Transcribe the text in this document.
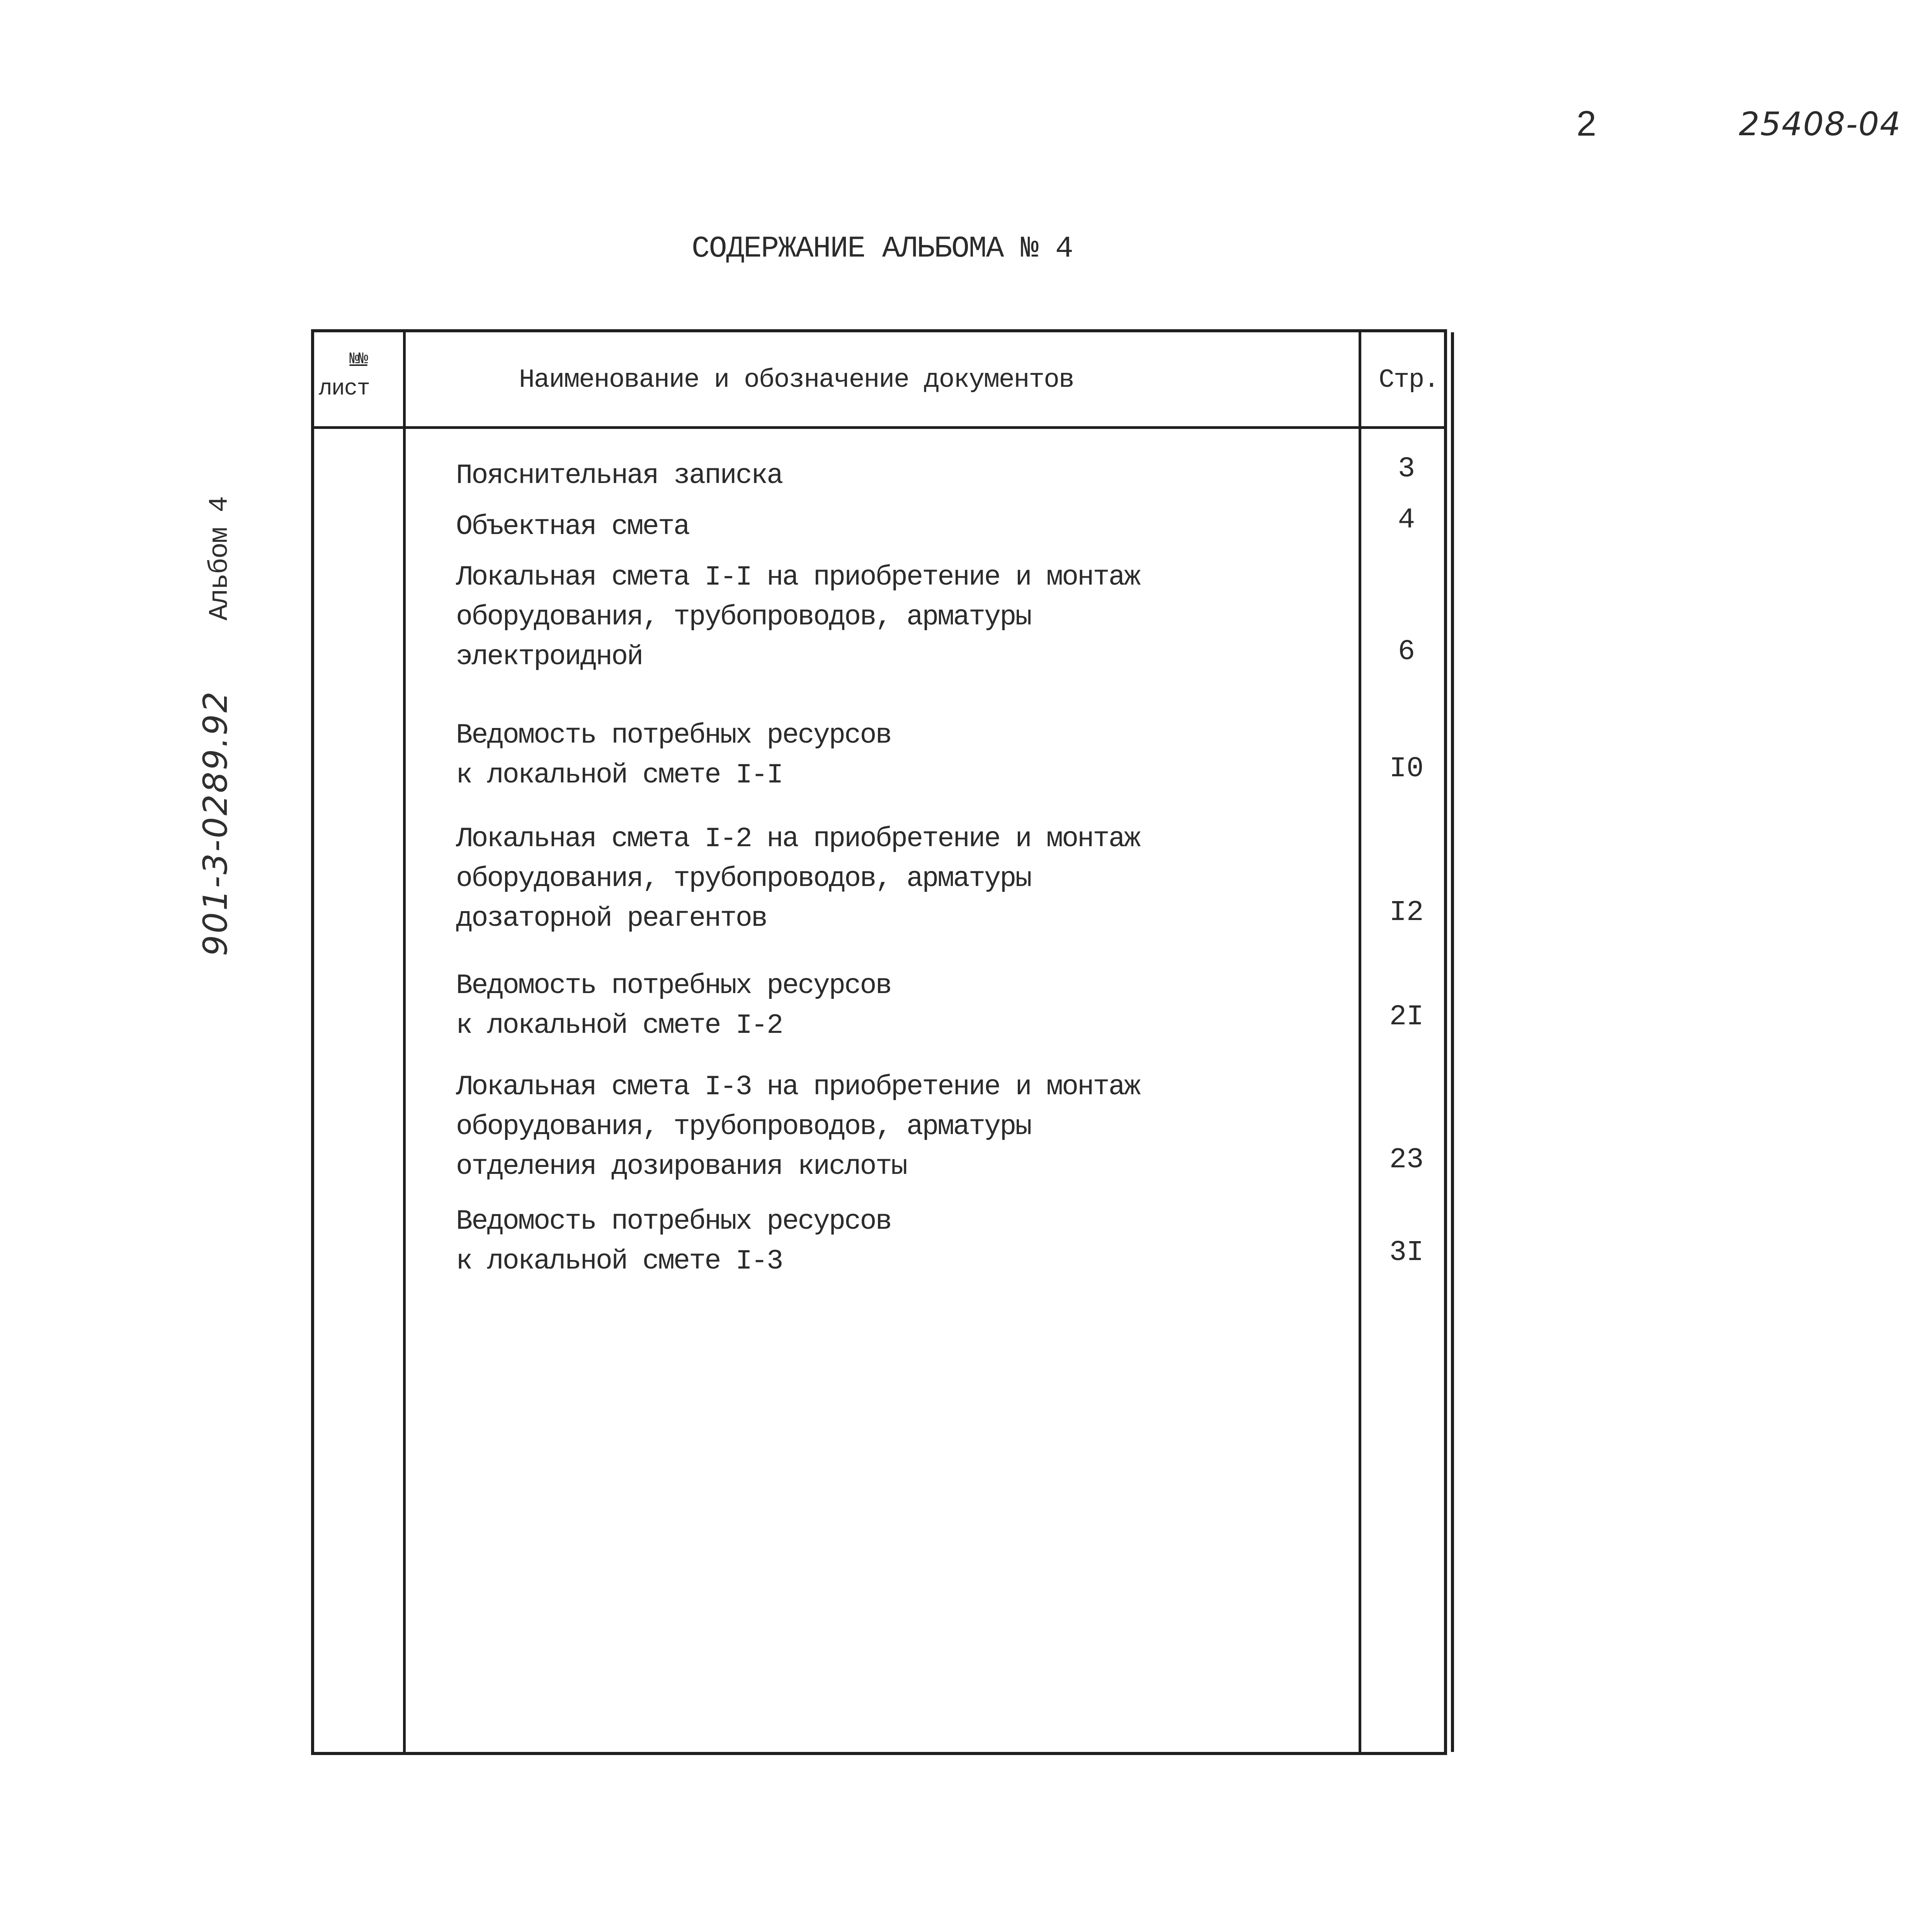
2	25408-04
901-3-0289.92Альбом 4
СОДЕРЖАНИЕ АЛЬБОМА № 4
№№
лист	Наименование и обозначение документов	Стр.
Пояснительная записка	3
Объектная смета	4
Локальная смета I-I на приобретение и монтаж
оборудования, трубопроводов, арматуры
электроидной	6
Ведомость потребных ресурсов
к локальной смете I-I	I0
Локальная смета I-2 на приобретение и монтаж
оборудования, трубопроводов, арматуры
дозаторной реагентов	I2
Ведомость потребных ресурсов
к локальной смете I-2	2I
Локальная смета I-3 на приобретение и монтаж
оборудования, трубопроводов, арматуры
отделения дозирования кислоты	23
Ведомость потребных ресурсов
к локальной смете I-3	3I
